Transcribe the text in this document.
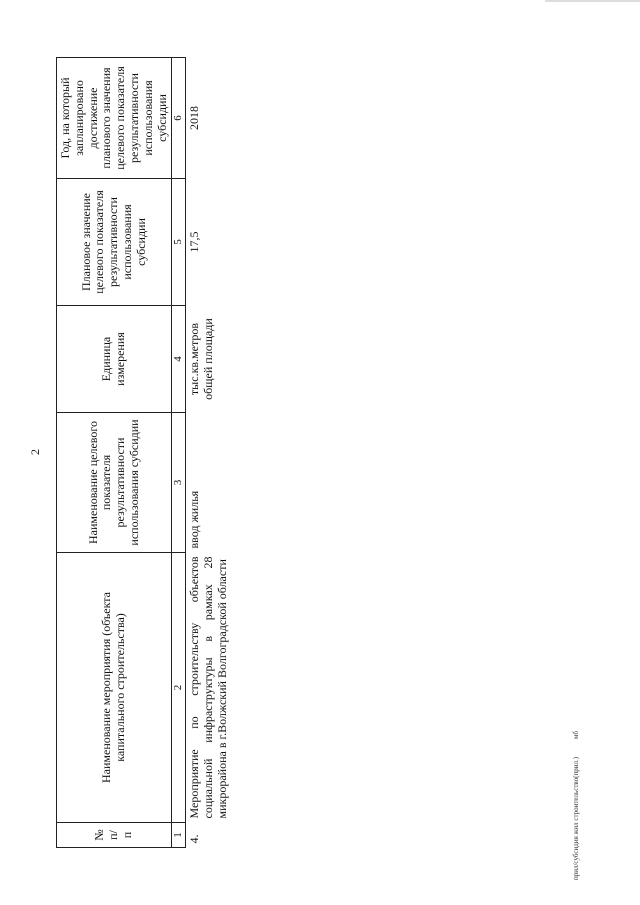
2
№ п/п	Наименование мероприятия (объекта капитального строительства)	Наименование целевого показателя результативности использования субсидии	Единица измерения	Плановое значение целевого показателя результативности использования субсидии	Год, на который запланировано достижение планового значения целевого показателя результативности использования субсидии
1	2	3	4	5	6
4.	Мероприятие по строительству объектов социальной инфраструктуры в рамках 28 микрорайона в г.Волжский Волгоградской области	ввод жилья	тыс.кв.метров общей площади	17,5	2018
прил/субсидия жил строительство(прил.)мб
